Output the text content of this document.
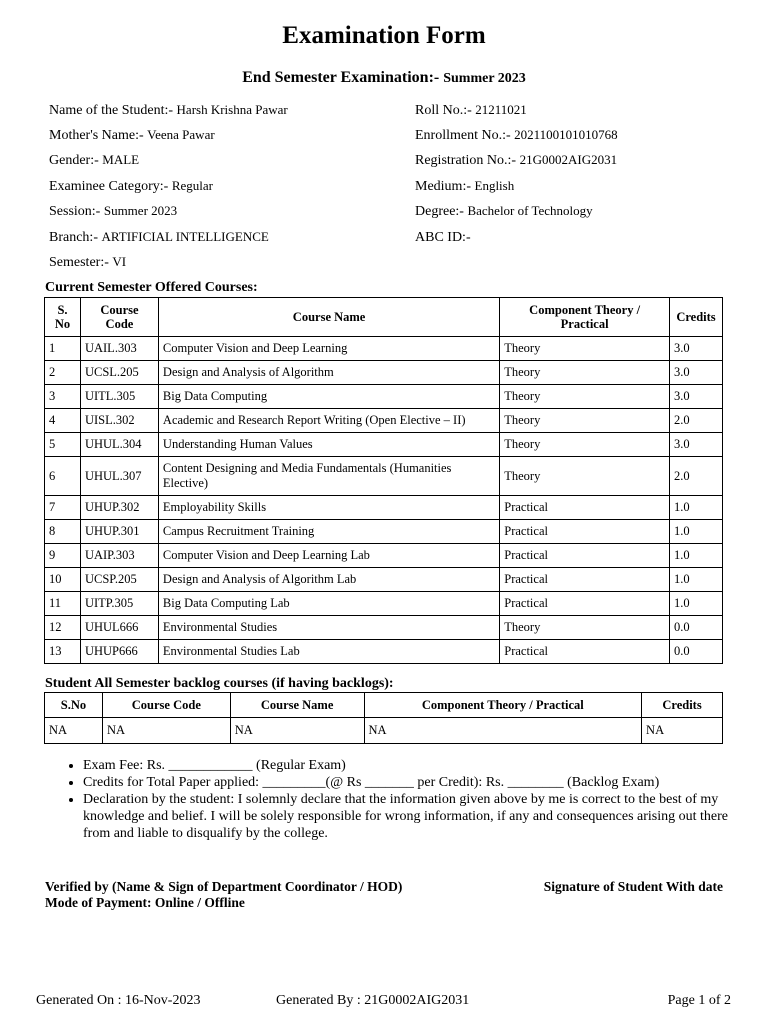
Examination Form
End Semester Examination:- Summer 2023
Name of the Student:- Harsh Krishna Pawar
Mother's Name:- Veena Pawar
Gender:- MALE
Examinee Category:- Regular
Session:- Summer 2023
Branch:- ARTIFICIAL INTELLIGENCE
Semester:- VI
Roll No.:- 21211021
Enrollment No.:- 2021100101010768
Registration No.:- 21G0002AIG2031
Medium:- English
Degree:- Bachelor of Technology
ABC ID:-
Current Semester Offered Courses:
S. No	Course Code	Course Name	Component Theory / Practical	Credits
1	UAIL.303	Computer Vision and Deep Learning	Theory	3.0
2	UCSL.205	Design and Analysis of Algorithm	Theory	3.0
3	UITL.305	Big Data Computing	Theory	3.0
4	UISL.302	Academic and Research Report Writing (Open Elective – II)	Theory	2.0
5	UHUL.304	Understanding Human Values	Theory	3.0
6	UHUL.307	Content Designing and Media Fundamentals (Humanities Elective)	Theory	2.0
7	UHUP.302	Employability Skills	Practical	1.0
8	UHUP.301	Campus Recruitment Training	Practical	1.0
9	UAIP.303	Computer Vision and Deep Learning Lab	Practical	1.0
10	UCSP.205	Design and Analysis of Algorithm Lab	Practical	1.0
11	UITP.305	Big Data Computing Lab	Practical	1.0
12	UHUL666	Environmental Studies	Theory	0.0
13	UHUP666	Environmental Studies Lab	Practical	0.0
Student All Semester backlog courses (if having backlogs):
S.No	Course Code	Course Name	Component Theory / Practical	Credits
NA	NA	NA	NA	NA
• Exam Fee: Rs. ____________ (Regular Exam)
• Credits for Total Paper applied: _________(@ Rs _______ per Credit): Rs. ________ (Backlog Exam)
• Declaration by the student: I solemnly declare that the information given above by me is correct to the best of my knowledge and belief. I will be solely responsible for wrong information, if any and consequences arising out there from and liable to disqualify by the college.
Verified by (Name & Sign of Department Coordinator / HOD)
Mode of Payment: Online / Offline
Signature of Student With date
Generated On : 16-Nov-2023	Generated By : 21G0002AIG2031	Page 1 of 2
